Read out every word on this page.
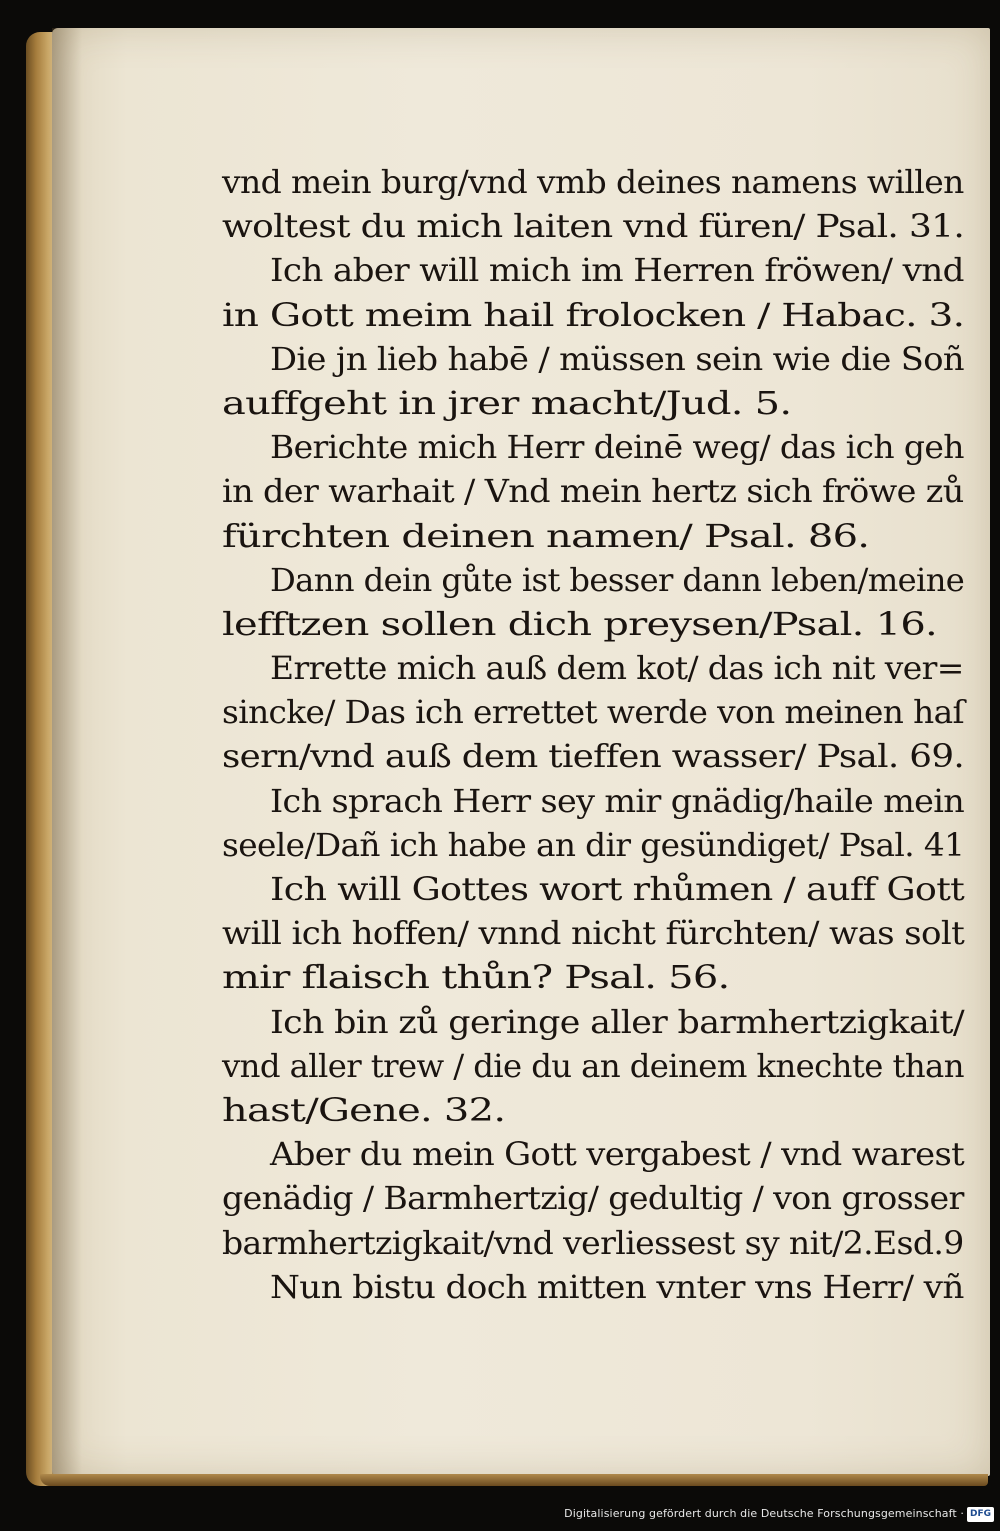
vnd mein burg/vnd vmb deines namens willen
woltest du mich laiten vnd füren/ Psal. 31.
Ich aber will mich im Herren fröwen/ vnd
in Gott meim hail frolocken / Habac. 3.
Die jn lieb habē / müssen sein wie die Soñ
auffgeht in jrer macht/Jud. 5.
Berichte mich Herr deinē weg/ das ich geh
in der warhait / Vnd mein hertz sich fröwe zů
fürchten deinen namen/ Psal. 86.
Dann dein gůte ist besser dann leben/meine
lefftzen sollen dich preysen/Psal. 16.
Errette mich auß dem kot/ das ich nit ver=
sincke/ Das ich errettet werde von meinen haſ
sern/vnd auß dem tieffen wasser/ Psal. 69.
Ich sprach Herr sey mir gnädig/haile mein
seele/Dañ ich habe an dir gesündiget/ Psal. 41
Ich will Gottes wort rhůmen / auff Gott
will ich hoffen/ vnnd nicht fürchten/ was solt
mir flaisch thůn? Psal. 56.
Ich bin zů geringe aller barmhertzigkait/
vnd aller trew / die du an deinem knechte than
hast/Gene. 32.
Aber du mein Gott vergabest / vnd warest
genädig / Barmhertzig/ gedultig / von grosser
barmhertzigkait/vnd verliessest sy nit/2.Esd.9
Nun bistu doch mitten vnter vns Herr/ vñ
Digitalisierung gefördert durch die Deutsche Forschungsgemeinschaft · DFG
